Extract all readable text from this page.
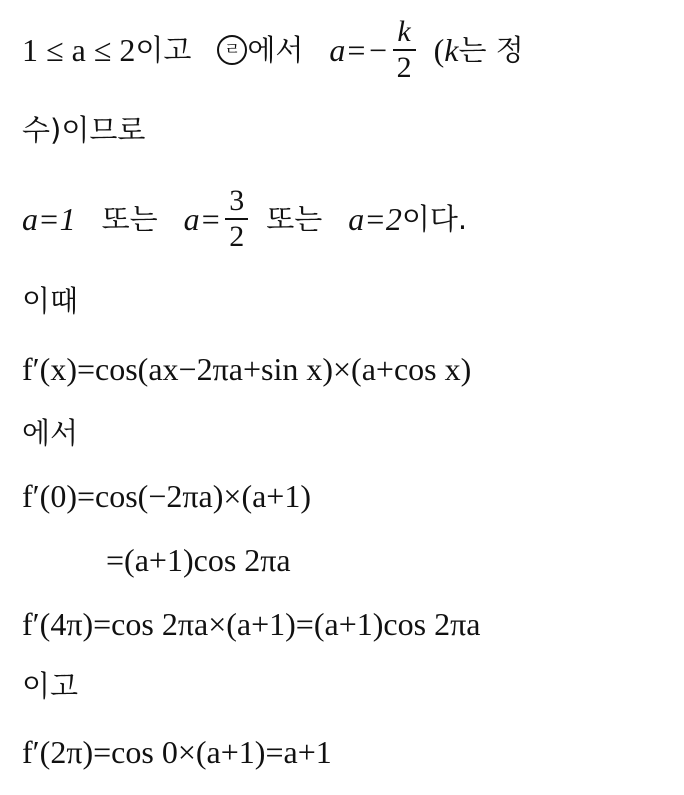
1 ≤ a ≤ 2 이고	ㄹ 에서 $a=- \frac{k}{2}$ ( k 는 정
수)이므로
a=1 또는 $a= \frac{3}{2}$ 또는 a=2 이다.
이때
f′(x)=cos(ax−2πa+sin x)×(a+cos x)
에서
f′(0)=cos(−2πa)×(a+1)
=(a+1)cos 2πa
f′(4π)=cos 2πa×(a+1)=(a+1)cos 2πa
이고
f′(2π)=cos 0×(a+1)=a+1
